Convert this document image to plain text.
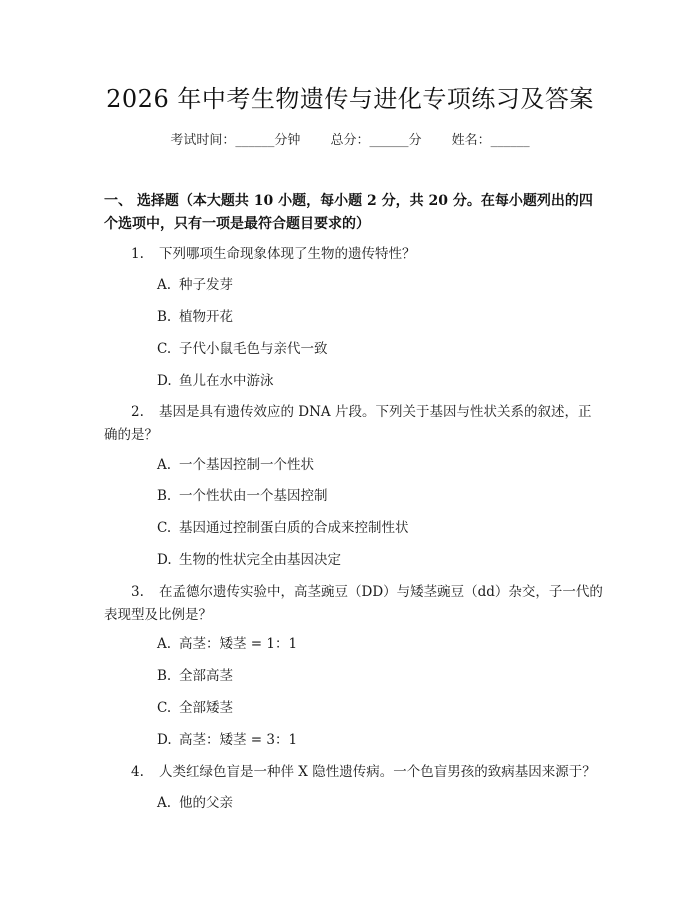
2026 年中考生物遗传与进化专项练习及答案
考试时间：______分钟 总分：______分 姓名：______
一、 选择题（本大题共 10 小题，每小题 2 分，共 20 分。在每小题列出的四个选项中，只有一项是最符合题目要求的）
1. 下列哪项生命现象体现了生物的遗传特性？
A. 种子发芽
B. 植物开花
C. 子代小鼠毛色与亲代一致
D. 鱼儿在水中游泳
2. 基因是具有遗传效应的 DNA 片段。下列关于基因与性状关系的叙述，正确的是？
A. 一个基因控制一个性状
B. 一个性状由一个基因控制
C. 基因通过控制蛋白质的合成来控制性状
D. 生物的性状完全由基因决定
3. 在孟德尔遗传实验中，高茎豌豆（DD）与矮茎豌豆（dd）杂交，子一代的表现型及比例是？
A. 高茎：矮茎 = 1：1
B. 全部高茎
C. 全部矮茎
D. 高茎：矮茎 = 3：1
4. 人类红绿色盲是一种伴 X 隐性遗传病。一个色盲男孩的致病基因来源于？
A. 他的父亲
